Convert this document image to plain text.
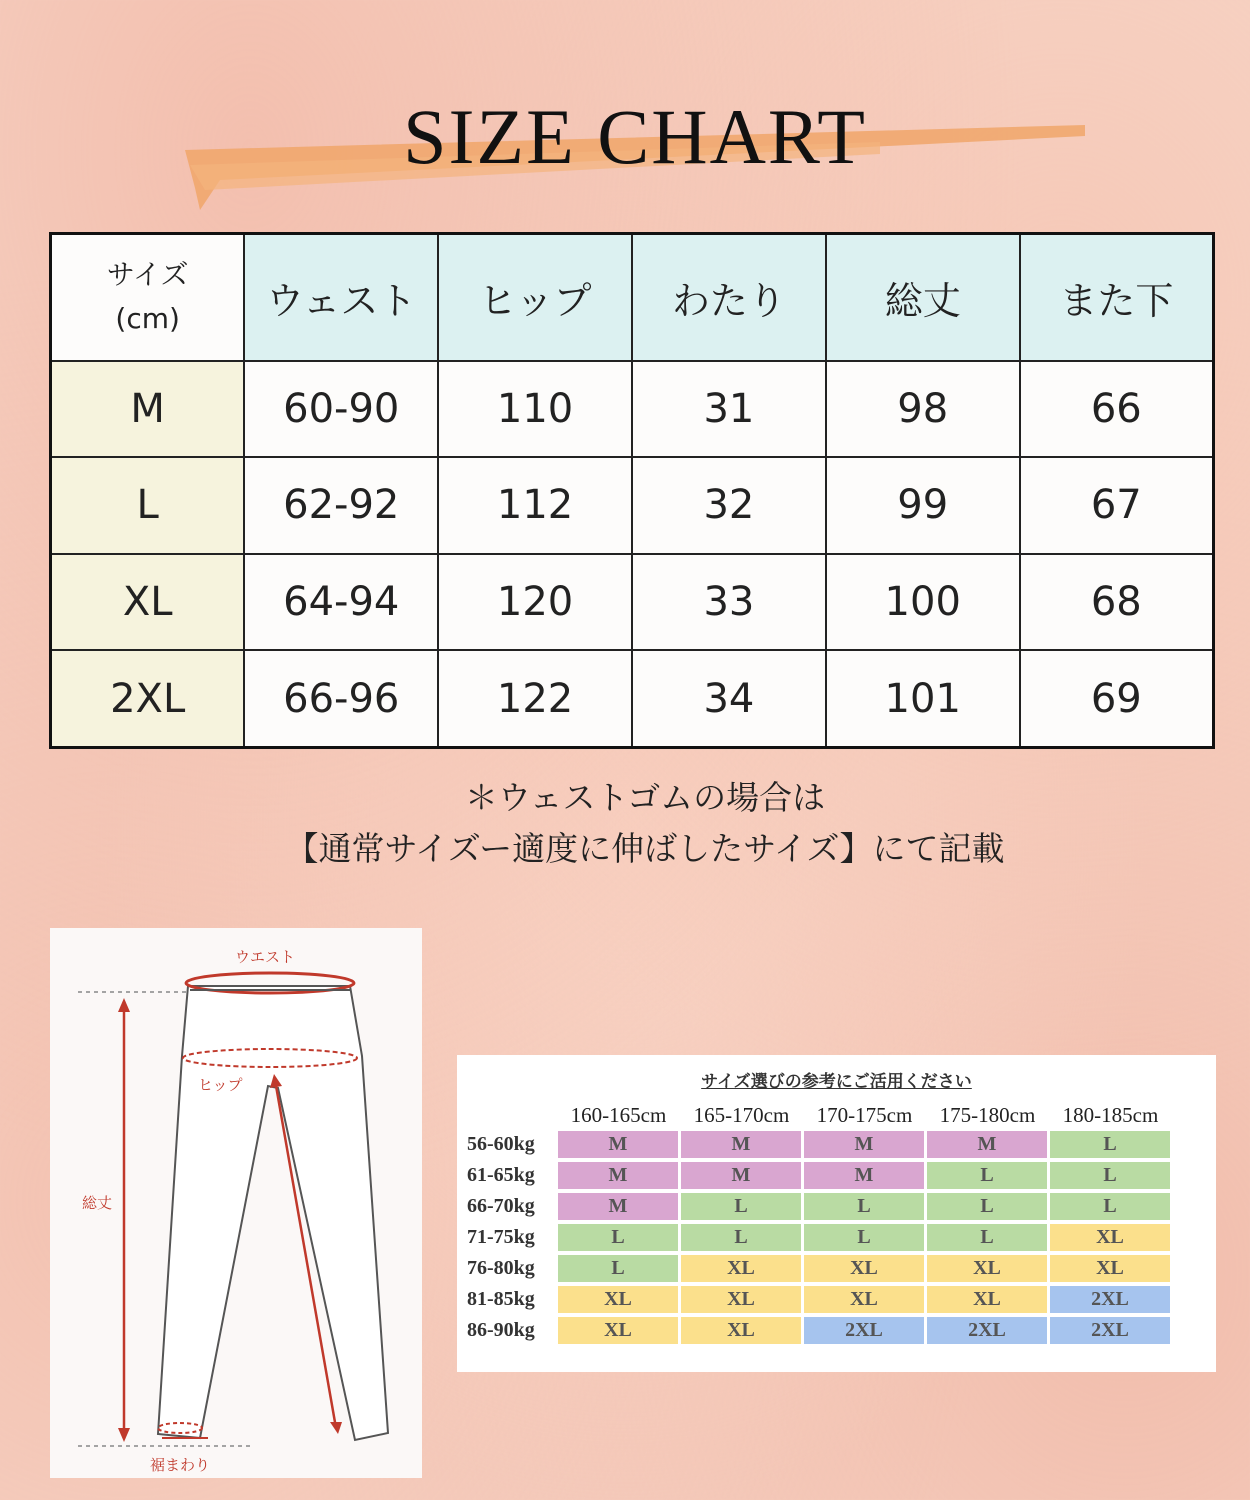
SIZE CHART
サイズ
(cm)	ウェスト	ヒップ	わたり	総丈	また下
M	60-90	110	31	98	66
L	62-92	112	32	99	67
XL	64-94	120	33	100	68
2XL	66-96	122	34	101	69
＊ウェストゴムの場合は
【通常サイズー適度に伸ばしたサイズ】にて記載
ウエスト
ヒップ
総丈
裾まわり
サイズ選びの参考にご活用ください
160-165cm	165-170cm	170-175cm	175-180cm	180-185cm
56-60kg	M	M	M	M	L
61-65kg	M	M	M	L	L
66-70kg	M	L	L	L	L
71-75kg	L	L	L	L	XL
76-80kg	L	XL	XL	XL	XL
81-85kg	XL	XL	XL	XL	2XL
86-90kg	XL	XL	2XL	2XL	2XL
